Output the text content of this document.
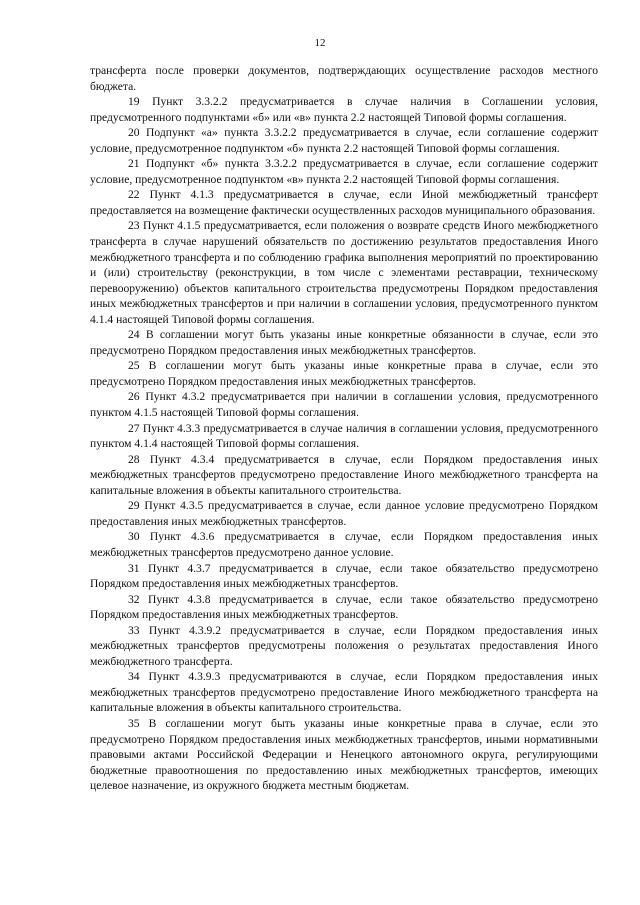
12

трансферта после проверки документов, подтверждающих осуществление расходов местного бюджета.

19 Пункт 3.3.2.2 предусматривается в случае наличия в Соглашении условия, предусмотренного подпунктами «б» или «в» пункта 2.2 настоящей Типовой формы соглашения.

20 Подпункт «а» пункта 3.3.2.2 предусматривается в случае, если соглашение содержит условие, предусмотренное подпунктом «б» пункта 2.2 настоящей Типовой формы соглашения.

21 Подпункт «б» пункта 3.3.2.2 предусматривается в случае, если соглашение содержит условие, предусмотренное подпунктом «в» пункта 2.2 настоящей Типовой формы соглашения.

22 Пункт 4.1.3 предусматривается в случае, если Иной межбюджетный трансферт предоставляется на возмещение фактически осуществленных расходов муниципального образования.

23 Пункт 4.1.5 предусматривается, если положения о возврате средств Иного межбюджетного трансферта в случае нарушений обязательств по достижению результатов предоставления Иного межбюджетного трансферта и по соблюдению графика выполнения мероприятий по проектированию и (или) строительству (реконструкции, в том числе с элементами реставрации, техническому перевооружению) объектов капитального строительства предусмотрены Порядком предоставления иных межбюджетных трансфертов и при наличии в соглашении условия, предусмотренного пунктом 4.1.4 настоящей Типовой формы соглашения.

24 В соглашении могут быть указаны иные конкретные обязанности в случае, если это предусмотрено Порядком предоставления иных межбюджетных трансфертов.

25 В соглашении могут быть указаны иные конкретные права в случае, если это предусмотрено Порядком предоставления иных межбюджетных трансфертов.

26 Пункт 4.3.2 предусматривается при наличии в соглашении условия, предусмотренного пунктом 4.1.5 настоящей Типовой формы соглашения.

27 Пункт 4.3.3 предусматривается в случае наличия в соглашении условия, предусмотренного пунктом 4.1.4 настоящей Типовой формы соглашения.

28 Пункт 4.3.4 предусматривается в случае, если Порядком предоставления иных межбюджетных трансфертов предусмотрено предоставление Иного межбюджетного трансферта на капитальные вложения в объекты капитального строительства.

29 Пункт 4.3.5 предусматривается в случае, если данное условие предусмотрено Порядком предоставления иных межбюджетных трансфертов.

30 Пункт 4.3.6 предусматривается в случае, если Порядком предоставления иных межбюджетных трансфертов предусмотрено данное условие.

31 Пункт 4.3.7 предусматривается в случае, если такое обязательство предусмотрено Порядком предоставления иных межбюджетных трансфертов.

32 Пункт 4.3.8 предусматривается в случае, если такое обязательство предусмотрено Порядком предоставления иных межбюджетных трансфертов.

33 Пункт 4.3.9.2 предусматривается в случае, если Порядком предоставления иных межбюджетных трансфертов предусмотрены положения о результатах предоставления Иного межбюджетного трансферта.

34 Пункт 4.3.9.3 предусматриваются в случае, если Порядком предоставления иных межбюджетных трансфертов предусмотрено предоставление Иного межбюджетного трансферта на капитальные вложения в объекты капитального строительства.

35 В соглашении могут быть указаны иные конкретные права в случае, если это предусмотрено Порядком предоставления иных межбюджетных трансфертов, иными нормативными правовыми актами Российской Федерации и Ненецкого автономного округа, регулирующими бюджетные правоотношения по предоставлению иных межбюджетных трансфертов, имеющих целевое назначение, из окружного бюджета местным бюджетам.
